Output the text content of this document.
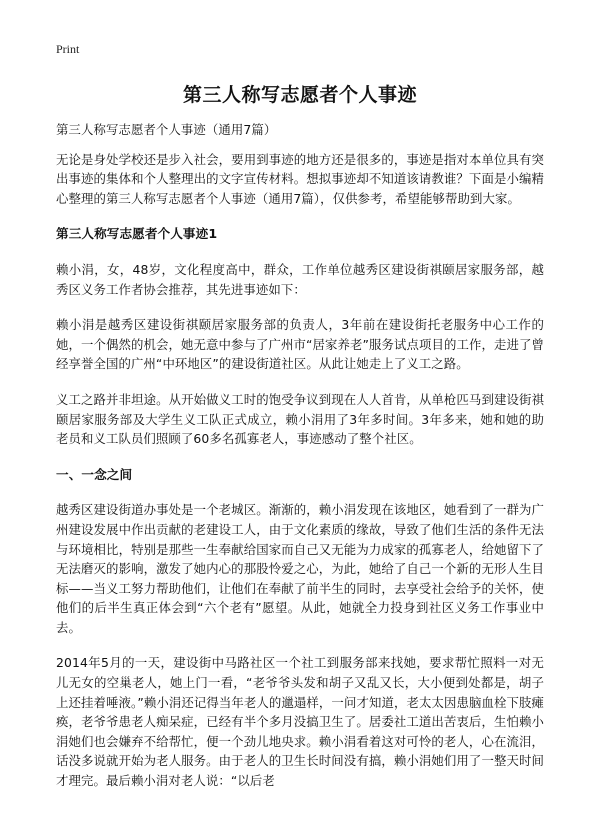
Print
第三人称写志愿者个人事迹

第三人称写志愿者个人事迹（通用7篇）

无论是身处学校还是步入社会，要用到事迹的地方还是很多的，事迹是指对本单位具有突出事迹的集体和个人整理出的文字宣传材料。想拟事迹却不知道该请教谁？下面是小编精心整理的第三人称写志愿者个人事迹（通用7篇），仅供参考，希望能够帮助到大家。

第三人称写志愿者个人事迹1

赖小涓，女，48岁，文化程度高中，群众，工作单位越秀区建设街祺颐居家服务部，越秀区义务工作者协会推荐，其先进事迹如下：

赖小涓是越秀区建设街祺颐居家服务部的负责人，3年前在建设街托老服务中心工作的她，一个偶然的机会，她无意中参与了广州市“居家养老”服务试点项目的工作，走进了曾经享誉全国的广州“中环地区”的建设街道社区。从此让她走上了义工之路。

义工之路并非坦途。从开始做义工时的饱受争议到现在人人首肯，从单枪匹马到建设街祺颐居家服务部及大学生义工队正式成立，赖小涓用了3年多时间。3年多来，她和她的助老员和义工队员们照顾了60多名孤寡老人，事迹感动了整个社区。

一、一念之间

越秀区建设街道办事处是一个老城区。渐渐的，赖小涓发现在该地区，她看到了一群为广州建设发展中作出贡献的老建设工人，由于文化素质的缘故，导致了他们生活的条件无法与环境相比，特别是那些一生奉献给国家而自己又无能为力成家的孤寡老人，给她留下了无法磨灭的影响，激发了她内心的那股怜爱之心，为此，她给了自己一个新的无形人生目标——当义工努力帮助他们，让他们在奉献了前半生的同时，去享受社会给予的关怀，使他们的后半生真正体会到“六个老有”愿望。从此，她就全力投身到社区义务工作事业中去。

2014年5月的一天，建设街中马路社区一个社工到服务部来找她，要求帮忙照料一对无儿无女的空巢老人，她上门一看，“老爷爷头发和胡子又乱又长，大小便到处都是，胡子上还挂着唾液。”赖小涓还记得当年老人的邋遢样，一问才知道，老太太因患脑血栓下肢瘫痪，老爷爷患老人痴呆症，已经有半个多月没搞卫生了。居委社工道出苦衷后，生怕赖小涓她们也会嫌弃不给帮忙，便一个劲儿地央求。赖小涓看着这对可怜的老人，心在流泪，话没多说就开始为老人服务。由于老人的卫生长时间没有搞，赖小涓她们用了一整天时间才理完。最后赖小涓对老人说：“以后老
